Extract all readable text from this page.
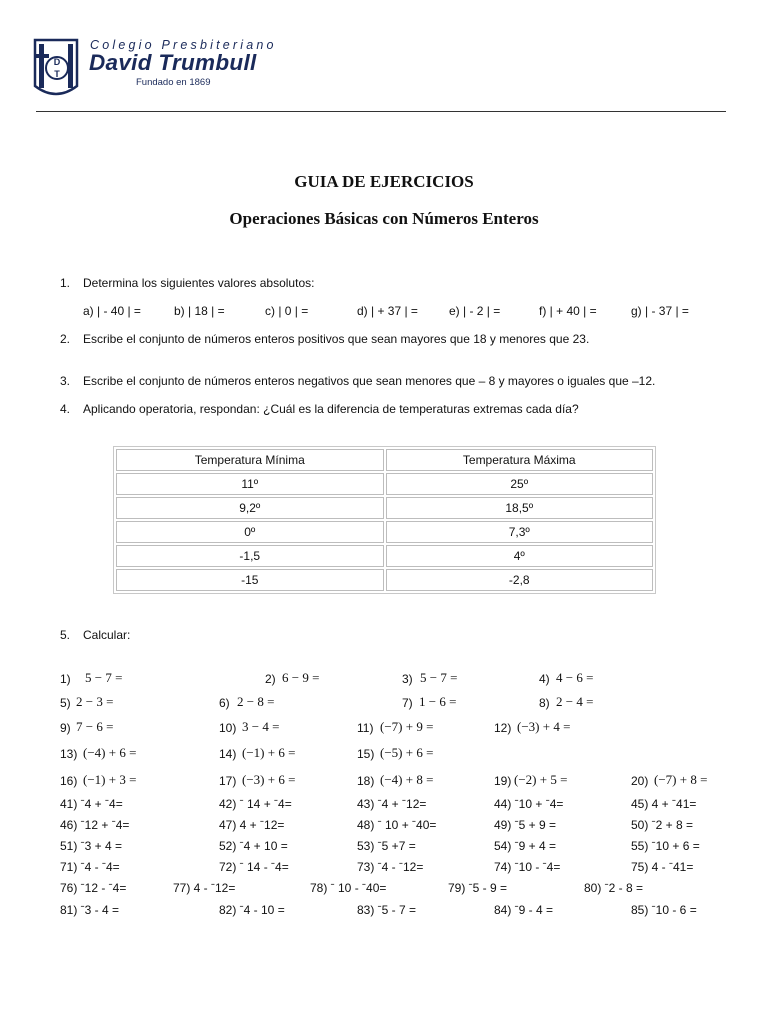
D
T
Colegio Presbiteriano
David Trumbull
Fundado en 1869
GUIA DE EJERCICIOS
Operaciones Básicas con Números Enteros
1. Determina los siguientes valores absolutos:
a) | - 40 | =	b) | 18 | =	c) | 0 | =	d) | + 37 | =	e) | - 2 | =	f) | + 40 | =	g) | - 37 | =
2. Escribe el conjunto de números enteros positivos que sean mayores que 18 y menores que 23.
3. Escribe el conjunto de números enteros negativos que sean menores que – 8 y mayores o iguales que –12.
4. Aplicando operatoria, respondan: ¿Cuál es la diferencia de temperaturas extremas cada día?
Temperatura Mínima	Temperatura Máxima
11º	25º
9,2º	18,5º
0º	7,3º
-1,5	4º
-15	-2,8
5. Calcular:
1) 5 − 7 =	2) 6 − 9 =	3) 5 − 7 =	4) 4 − 6 =
5) 2 − 3 =	6) 2 − 8 =	7) 1 − 6 =	8) 2 − 4 =
9) 7 − 6 =	10) 3 − 4 =	11) (−7) + 9 =	12) (−3) + 4 =
13) (−4) + 6 =	14) (−1) + 6 =	15) (−5) + 6 =
16) (−1) + 3 =	17) (−3) + 6 =	18) (−4) + 8 =	19) (−2) + 5 =	20) (−7) + 8 =
41) ˉ4 + ˉ4=	42) ˉ 14 + ˉ4=	43) ˉ4 + ˉ12=	44) ˉ10 + ˉ4=	45) 4 + ˉ41=
46) ˉ12 + ˉ4=	47) 4 + ˉ12=	48) ˉ 10 + ˉ40=	49) ˉ5 + 9 =	50) ˉ2 + 8 =
51) ˉ3 + 4 =	52) ˉ4 + 10 =	53) ˉ5 +7 =	54) ˉ9 + 4 =	55) ˉ10 + 6 =
71) ˉ4 - ˉ4=	72) ˉ 14 - ˉ4=	73) ˉ4 - ˉ12=	74) ˉ10 - ˉ4=	75) 4 - ˉ41=
76) ˉ12 - ˉ4=	77) 4 - ˉ12=	78) ˉ 10 - ˉ40=	79) ˉ5 - 9 =	80) ˉ2 - 8 =
81) ˉ3 - 4 =	82) ˉ4 - 10 =	83) ˉ5 - 7 =	84) ˉ9 - 4 =	85) ˉ10 - 6 =
